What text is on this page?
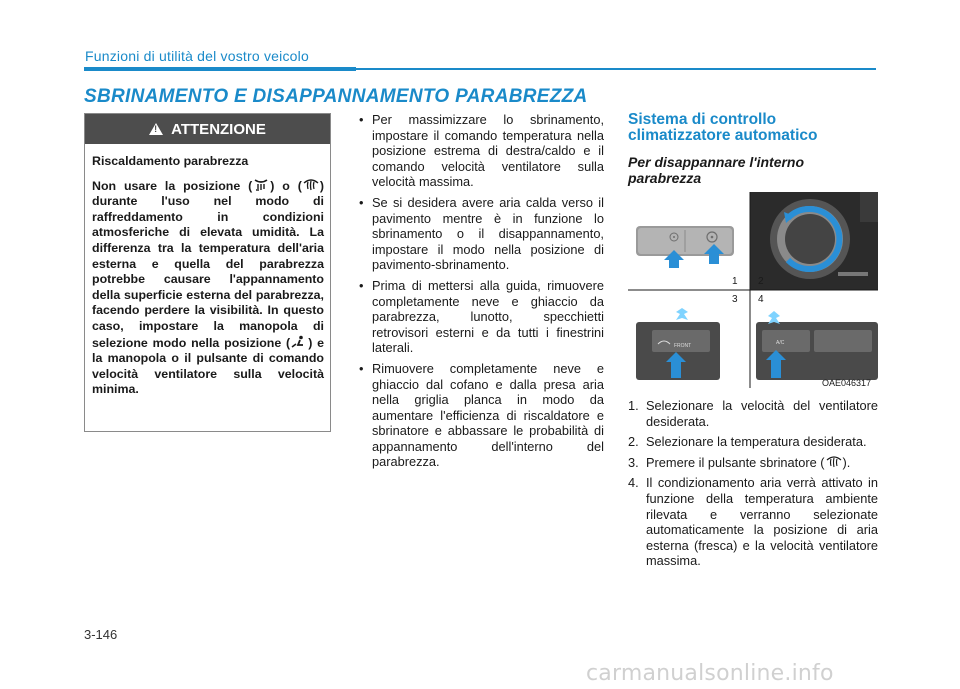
Funzioni di utilità del vostro veicolo
SBRINAMENTO E DISAPPANNAMENTO PARABREZZA
!
ATTENZIONE

Riscaldamento parabrezza

Non usare la posizione ( ) o ( ) durante l'uso nel modo di raffreddamento in condizioni atmosferiche di elevata umidità. La differenza tra la temperatura dell'aria esterna e quella del parabrezza potrebbe causare l'appannamento della superficie esterna del parabrezza, facendo perdere la visibilità. In questo caso, impostare la manopola di selezione modo nella posizione ( ) e la manopola o il pulsante di comando velocità ventilatore sulla velocità minima.

• Per massimizzare lo sbrinamento, impostare il comando temperatura nella posizione estrema di destra/caldo e il comando velocità ventilatore sulla velocità massima.
• Se si desidera avere aria calda verso il pavimento mentre è in funzione lo sbrinamento o il disappannamento, impostare il modo nella posizione di pavimento-sbrinamento.
• Prima di mettersi alla guida, rimuovere completamente neve e ghiaccio da parabrezza, lunotto, specchietti retrovisori esterni e da tutti i finestrini laterali.
• Rimuovere completamente neve e ghiaccio dal cofano e dalla presa aria nella griglia planca in modo da aumentare l'efficienza di riscaldatore e sbrinatore e abbassare le probabilità di appannamento dell'interno del parabrezza.
Sistema di controllo climatizzatore automatico
Per disappannare l'interno parabrezza
1 2
3 4
FRONT	A/C
OAE046317
1. Selezionare la velocità del ventilatore desiderata.
2. Selezionare la temperatura desiderata.
3. Premere il pulsante sbrinatore ( ).
4. Il condizionamento aria verrà attivato in funzione della temperatura ambiente rilevata e verranno selezionate automaticamente la posizione di aria esterna (fresca) e la velocità ventilatore massima.
3-146
carmanualsonline.info
